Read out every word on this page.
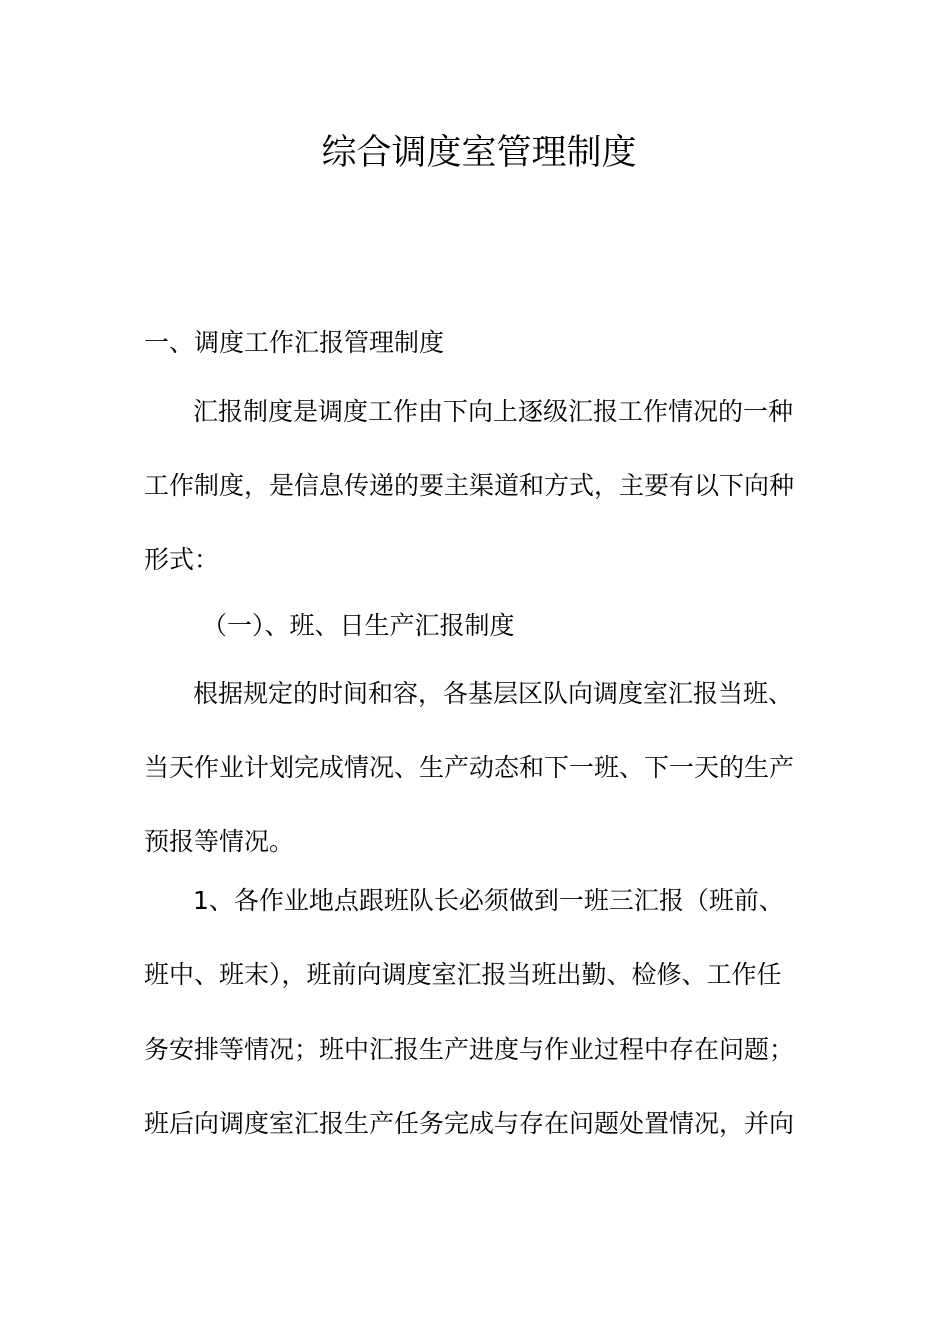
综合调度室管理制度
一、调度工作汇报管理制度
汇报制度是调度工作由下向上逐级汇报工作情况的一种
工作制度，是信息传递的要主渠道和方式，主要有以下向种
形式：
（一）、班、日生产汇报制度
根据规定的时间和容，各基层区队向调度室汇报当班、
当天作业计划完成情况、生产动态和下一班、下一天的生产
预报等情况。
1、各作业地点跟班队长必须做到一班三汇报（班前、
班中、班末），班前向调度室汇报当班出勤、检修、工作任
务安排等情况；班中汇报生产进度与作业过程中存在问题；
班后向调度室汇报生产任务完成与存在问题处置情况，并向
